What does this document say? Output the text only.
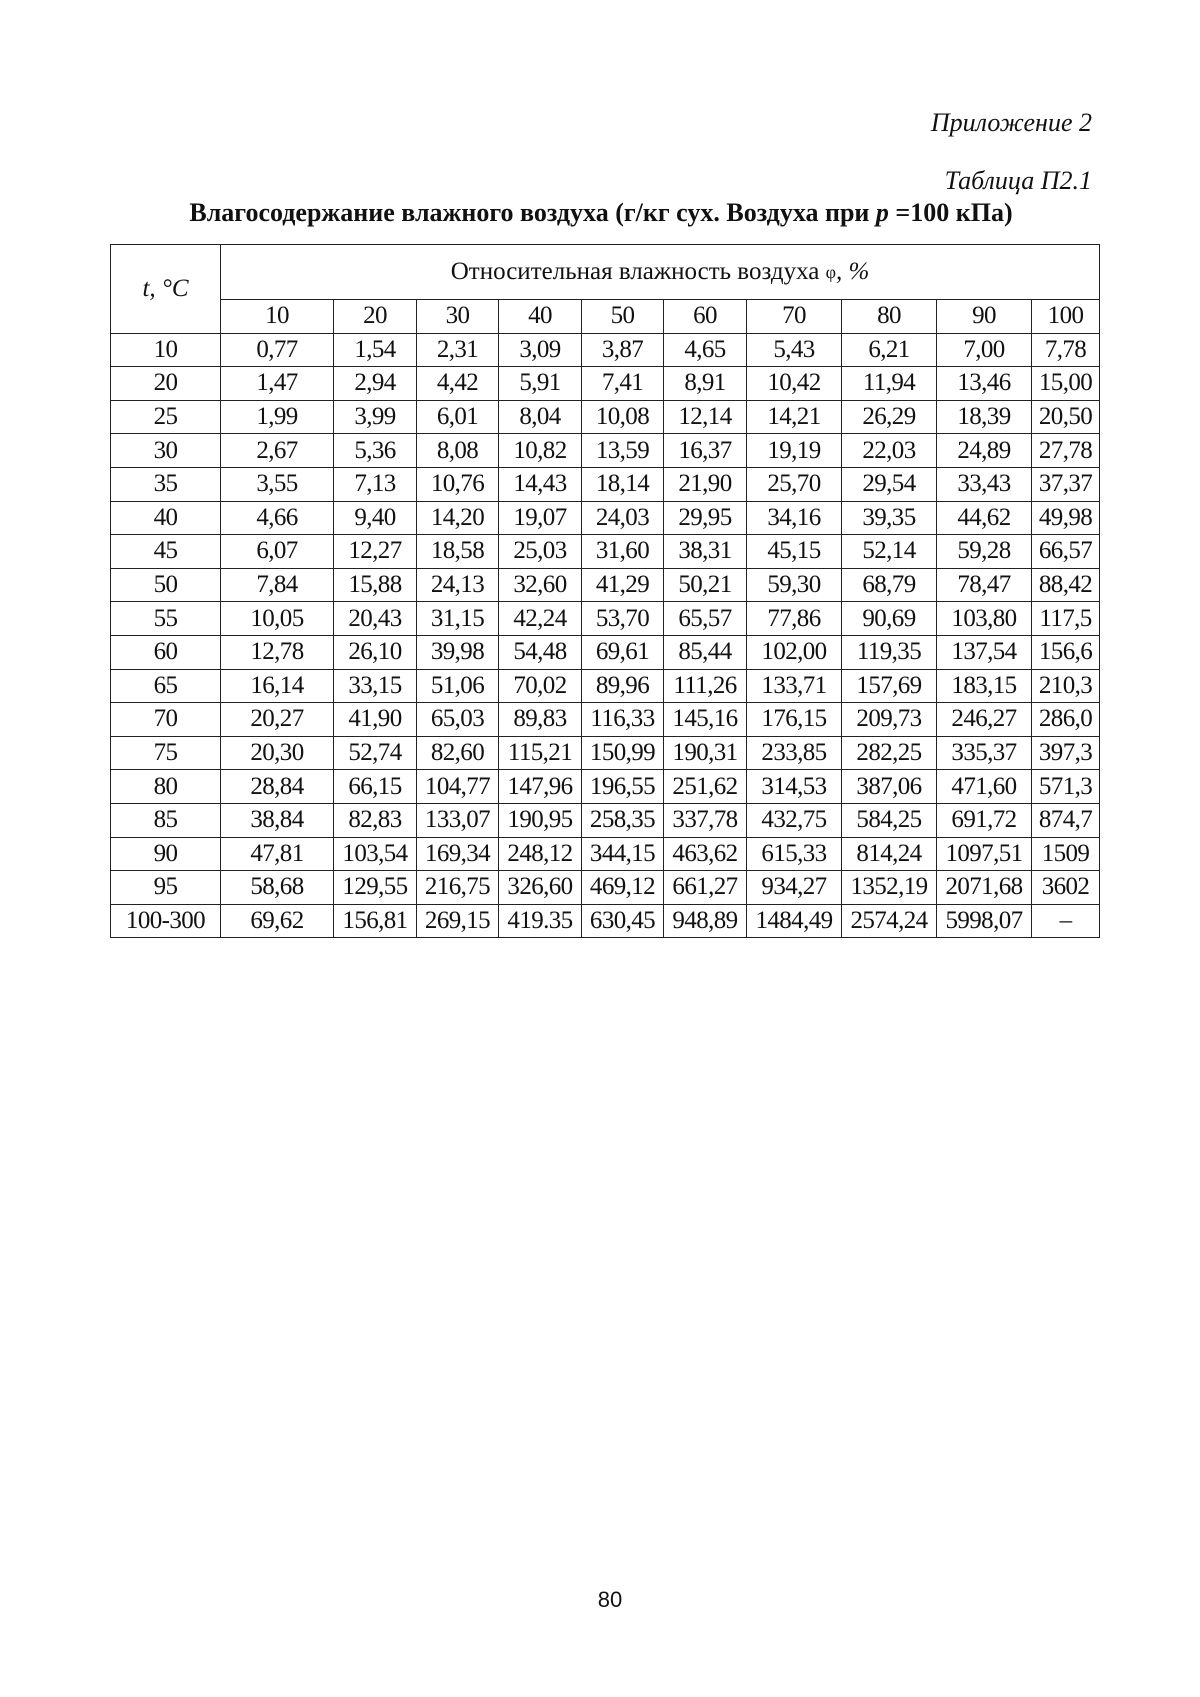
Приложение 2
Таблица П2.1
Влагосодержание влажного воздуха (г/кг сух. Воздуха при p =100 кПа)
t, °C	Относительная влажность воздуха φ, %									
	10	20	30	40	50	60	70	80	90	100
10	0,77	1,54	2,31	3,09	3,87	4,65	5,43	6,21	7,00	7,78
20	1,47	2,94	4,42	5,91	7,41	8,91	10,42	11,94	13,46	15,00
25	1,99	3,99	6,01	8,04	10,08	12,14	14,21	26,29	18,39	20,50
30	2,67	5,36	8,08	10,82	13,59	16,37	19,19	22,03	24,89	27,78
35	3,55	7,13	10,76	14,43	18,14	21,90	25,70	29,54	33,43	37,37
40	4,66	9,40	14,20	19,07	24,03	29,95	34,16	39,35	44,62	49,98
45	6,07	12,27	18,58	25,03	31,60	38,31	45,15	52,14	59,28	66,57
50	7,84	15,88	24,13	32,60	41,29	50,21	59,30	68,79	78,47	88,42
55	10,05	20,43	31,15	42,24	53,70	65,57	77,86	90,69	103,80	117,5
60	12,78	26,10	39,98	54,48	69,61	85,44	102,00	119,35	137,54	156,6
65	16,14	33,15	51,06	70,02	89,96	111,26	133,71	157,69	183,15	210,3
70	20,27	41,90	65,03	89,83	116,33	145,16	176,15	209,73	246,27	286,0
75	20,30	52,74	82,60	115,21	150,99	190,31	233,85	282,25	335,37	397,3
80	28,84	66,15	104,77	147,96	196,55	251,62	314,53	387,06	471,60	571,3
85	38,84	82,83	133,07	190,95	258,35	337,78	432,75	584,25	691,72	874,7
90	47,81	103,54	169,34	248,12	344,15	463,62	615,33	814,24	1097,51	1509
95	58,68	129,55	216,75	326,60	469,12	661,27	934,27	1352,19	2071,68	3602
100-300	69,62	156,81	269,15	419.35	630,45	948,89	1484,49	2574,24	5998,07	–
80
